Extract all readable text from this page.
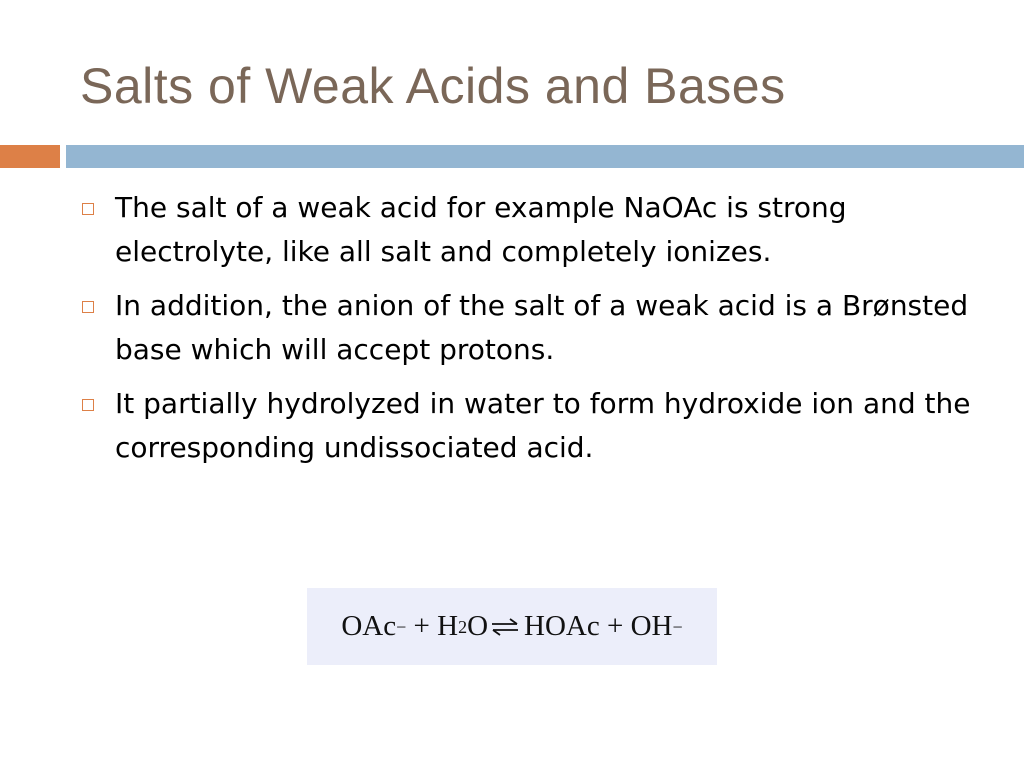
Salts of Weak Acids and Bases
The salt of a weak acid for example NaOAc is strong electrolyte, like all salt and completely ionizes.
In addition, the anion of the salt of a weak acid is a Brønsted base which will accept protons.
It partially hydrolyzed in water to form hydroxide ion and the corresponding undissociated acid.
OAc − + H 2 O ⇌ HOAc + OH −
